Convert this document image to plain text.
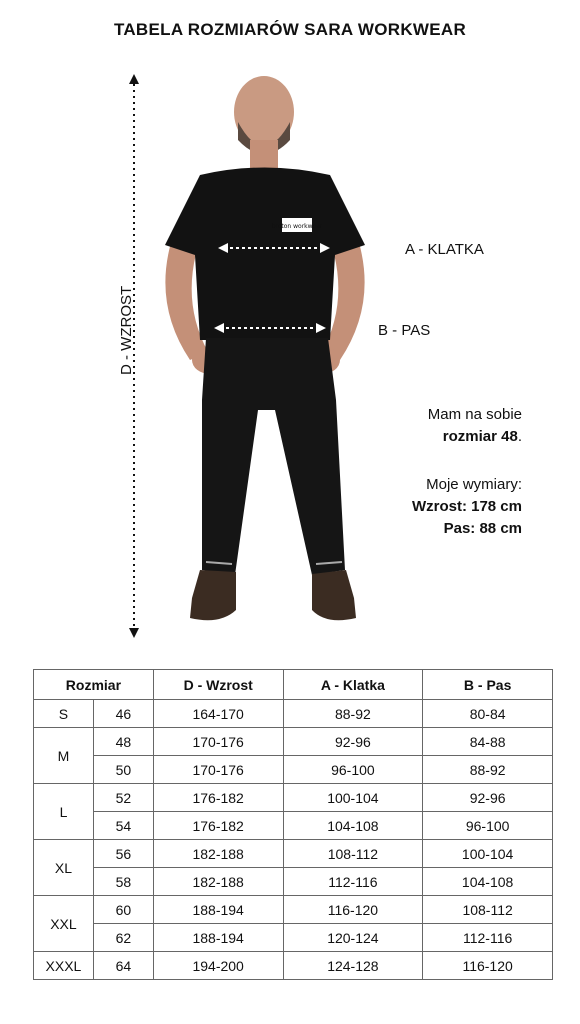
TABELA ROZMIARÓW SARA WORKWEAR
D - WZROST
broton workwear
A - KLATKA
B - PAS
Mam na sobie
rozmiar 48.
Moje wymiary:
Wzrost: 178 cm
Pas: 88 cm
Rozmiar		D - Wzrost	A - Klatka	B - Pas
S	46	164-170	88-92	80-84
M	48	170-176	92-96	84-88
	50	170-176	96-100	88-92
L	52	176-182	100-104	92-96
	54	176-182	104-108	96-100
XL	56	182-188	108-112	100-104
	58	182-188	112-116	104-108
XXL	60	188-194	116-120	108-112
	62	188-194	120-124	112-116
XXXL	64	194-200	124-128	116-120
